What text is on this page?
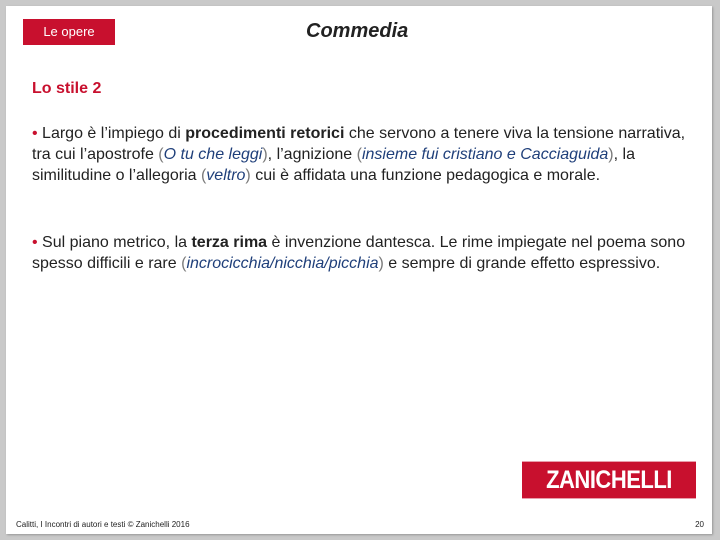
Le opere	Commedia
Lo stile 2
• Largo è l’impiego di procedimenti retorici che servono a tenere viva la tensione narrativa, tra cui l’apostrofe (O tu che leggi), l’agnizione (insieme fui cristiano e Cacciaguida), la similitudine o l’allegoria (veltro) cui è affidata una funzione pedagogica e morale.
• Sul piano metrico, la terza rima è invenzione dantesca. Le rime impiegate nel poema sono spesso difficili e rare (incrocicchia/nicchia/picchia) e sempre di grande effetto espressivo.
ZANICHELLI
Calitti, I Incontri di autori e testi © Zanichelli 2016	20
